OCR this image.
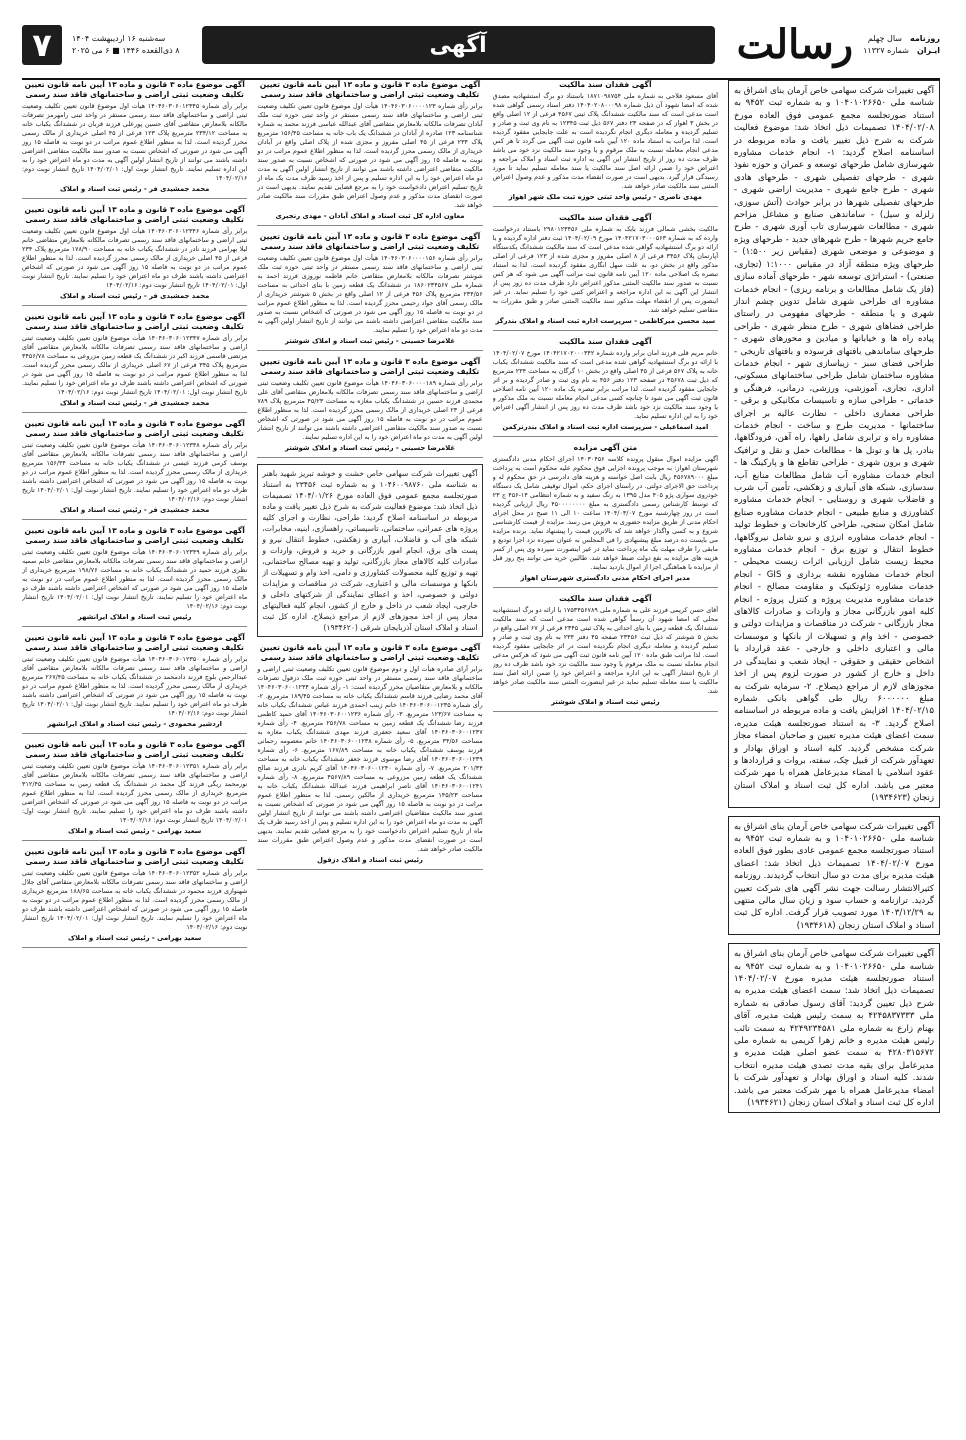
روزنامه
سال چهلم
ایـران
شماره ۱۱۳۲۷
رسالت
آگهی
سه‌شنبه ۱۶ اردیبهشت ۱۴۰۴
۸ ذی‌القعده ۱۴۴۶ ■ ۶ می ۲۰۲۵
۷
آگهی تغییرات شرکت سهامی خاص آرمان بنای اشراق به شناسه ملی ۱۰۴۰۱۰۲۶۶۵۰ و به شماره ثبت ۹۴۵۲ به استناد صورتجلسه مجمع عمومی فوق العاده مورخ ۱۴۰۴/۰۲/۰۸ تصمیمات ذیل اتخاذ شد: موضوع فعالیت شرکت به شرح ذیل تغییر یافت و ماده مربوطه در اساسنامه اصلاح گردید: ۱- انجام خدمات مشاوره شهرسازی شامل طرحهای توسعه و عمران و حوزه نفوذ شهری - طرحهای تفصیلی شهری - طرحهای هادی شهری - طرح جامع شهری - مدیریت اراضی شهری - طرحهای تفصیلی شهرها در برابر حوادث (آتش سوزی، زلزله و سیل) - ساماندهی صنایع و مشاغل مزاحم شهری - مطالعات شهرسازی تاب آوری شهری - طرح جامع حریم شهرها - طرح شهرهای جدید - طرحهای ویژه و موضوعی و موضعی شهری (مقیاس زیر ۱:۵۰۰) - طرحهای ویژه منطقه آزاد در مقیاس ۱:۱۰۰۰ (تجاری، صنعتی) - استراتژی توسعه شهر - طرحهای آماده سازی (فاز یک شامل مطالعات و برنامه ریزی) - انجام خدمات مشاوره ای طراحی شهری شامل تدوین چشم انداز شهری و یا منطقه - طرحهای مفهومی در راستای طراحی فضاهای شهری - طرح منظر شهری - طراحی پیاده راه ها و خیابانها و میادین و محورهای شهری - طرحهای ساماندهی بافتهای فرسوده و بافتهای تاریخی - طراحی فضای سبز - زیباسازی شهر - انجام خدمات مشاوره ساختمان شامل طراحی ساختمانهای مسکونی، اداری، تجاری، آموزشی، ورزشی، درمانی، فرهنگی و خدماتی - طراحی سازه و تاسیسات مکانیکی و برقی - طراحی معماری داخلی - نظارت عالیه بر اجرای ساختمانها - مدیریت طرح و ساخت - انجام خدمات مشاوره راه و ترابری شامل راهها، راه آهن، فرودگاهها، بنادر، پل ها و تونل ها - مطالعات حمل و نقل و ترافیک شهری و برون شهری - طراحی تقاطع ها و پارکینگ ها - انجام خدمات مشاوره آب شامل مطالعات منابع آب، سدسازی، شبکه های آبیاری و زهکشی، تأمین آب شرب و فاضلاب شهری و روستایی - انجام خدمات مشاوره کشاورزی و منابع طبیعی - انجام خدمات مشاوره صنایع شامل امکان سنجی، طراحی کارخانجات و خطوط تولید - انجام خدمات مشاوره انرژی و نیرو شامل نیروگاهها، خطوط انتقال و توزیع برق - انجام خدمات مشاوره محیط زیست شامل ارزیابی اثرات زیست محیطی - انجام خدمات مشاوره نقشه برداری و GIS - انجام خدمات مشاوره ژئوتکنیک و مقاومت مصالح - انجام خدمات مشاوره مدیریت پروژه و کنترل پروژه - انجام کلیه امور بازرگانی مجاز و واردات و صادرات کالاهای مجاز بازرگانی - شرکت در مناقصات و مزایدات دولتی و خصوصی - اخذ وام و تسهیلات از بانکها و موسسات مالی و اعتباری داخلی و خارجی - عقد قرارداد با اشخاص حقیقی و حقوقی - ایجاد شعب و نمایندگی در داخل و خارج از کشور در صورت لزوم پس از اخذ مجوزهای لازم از مراجع ذیصلاح. ۲- سرمایه شرکت به مبلغ ۶۰۰۰۰۰۰ ریال طی گواهی بانکی شماره ۱۴۰۴/۰۲/۱۵ افزایش یافت و ماده مربوطه در اساسنامه اصلاح گردید. ۳- به استناد صورتجلسه هیئت مدیره، سمت اعضای هیئت مدیره تعیین و صاحبان امضاء مجاز شرکت مشخص گردید. کلیه اسناد و اوراق بهادار و تعهدآور شرکت از قبیل چک، سفته، بروات و قراردادها و عقود اسلامی با امضاء مدیرعامل همراه با مهر شرکت معتبر می باشد. اداره کل ثبت اسناد و املاک استان زنجان (۱۹۳۴۶۲۳)
آگهی تغییرات شرکت سهامی خاص آرمان بنای اشراق به شناسه ملی ۱۰۴۰۱۰۲۶۶۵۰ و به شماره ثبت ۹۴۵۲ به استناد صورتجلسه مجمع عمومی عادی بطور فوق العاده مورخ ۱۴۰۴/۰۲/۰۷ تصمیمات ذیل اتخاذ شد: اعضای هیئت مدیره برای مدت دو سال انتخاب گردیدند. روزنامه کثیرالانتشار رسالت جهت نشر آگهی های شرکت تعیین گردید. ترازنامه و حساب سود و زیان سال مالی منتهی به ۱۴۰۳/۱۲/۲۹ مورد تصویب قرار گرفت. اداره کل ثبت اسناد و املاک استان زنجان (۱۹۳۴۶۱۸)
آگهی تغییرات شرکت سهامی خاص آرمان بنای اشراق به شناسه ملی ۱۰۴۰۱۰۲۶۶۵۰ و به شماره ثبت ۹۴۵۲ به استناد صورتجلسه هیئت مدیره مورخ ۱۴۰۴/۰۲/۰۷ تصمیمات ذیل اتخاذ شد: سمت اعضای هیئت مدیره به شرح ذیل تعیین گردید: آقای رسول صادقی به شماره ملی ۴۲۴۵۸۳۷۳۳۳ به سمت رئیس هیئت مدیره، آقای بهنام زارع به شماره ملی ۴۲۴۹۲۳۴۵۸۱ به سمت نائب رئیس هیئت مدیره و خانم زهرا کریمی به شماره ملی ۴۲۸۰۳۱۵۶۷۲ به سمت عضو اصلی هیئت مدیره و مدیرعامل برای بقیه مدت تصدی هیئت مدیره انتخاب شدند. کلیه اسناد و اوراق بهادار و تعهدآور شرکت با امضاء مدیرعامل همراه با مهر شرکت معتبر می باشد. اداره کل ثبت اسناد و املاک استان زنجان (۱۹۳۴۶۲۱)
آگهی فقدان سند مالکیت
آقای مسعود فلاحی به شماره ملی ۱۸۷۱۰۹۸۷۵۴ باستناد دو برگ استشهادیه مصدق شده که امضا شهود آن ذیل شماره ۱۴۰۴۰۲۰۸۰۰۰۹۸ دفتر اسناد رسمی گواهی شده است مدعی است که سند مالکیت ششدانگ پلاک ثبتی ۴۵۶۷ فرعی از ۱۲ اصلی واقع در بخش ۳ اهواز که در صفحه ۲۳ دفتر ۵۶۷ ذیل ثبت ۱۲۳۴۵ به نام وی ثبت و صادر و تسلیم گردیده و معامله دیگری انجام نگردیده است به علت جابجایی مفقود گردیده است. لذا مراتب به استناد ماده ۱۲۰ آیین نامه قانون ثبت آگهی می گردد تا هر کس مدعی انجام معامله نسبت به ملک مرقوم و یا وجود سند مالکیت نزد خود می باشد ظرف مدت ده روز از تاریخ انتشار این آگهی به اداره ثبت اسناد و املاک مراجعه و اعتراض خود را ضمن ارائه اصل سند مالکیت یا سند معامله تسلیم نماید تا مورد رسیدگی قرار گیرد. بدیهی است در صورت انقضاء مدت مذکور و عدم وصول اعتراض المثنی سند مالکیت صادر خواهد شد.
مهدی ناصری - رئیس واحد ثبتی حوزه ثبت ملک شهر اهواز
آگهی فقدان سند مالکیت
مالکیت بخشی شمالی فرزند بابک به شماره ملی ۲۹۸۰۱۲۳۴۵۶ باستناد درخواست وارده که به شماره ۱۴۰۴۲۱۷۰۳۰۰۰۵۶۳ مورخ ۱۴۰۴/۰۲/۰۹ ثبت دفتر اداره گردیده و با ارائه دو برگ استشهادیه گواهی شده مدعی است که سند مالکیت ششدانگ یکدستگاه آپارتمان پلاک ۳۴۵۶ فرعی از ۸ اصلی مفروز و مجزی شده از ۱۲۳ فرعی از اصلی مذکور واقع در بخش دو، به علت سهل انگاری مفقود گردیده است. لذا به استناد تبصره یک اصلاحی ماده ۱۲۰ آیین نامه قانون ثبت مراتب آگهی می شود که هر کس نسبت به صدور سند مالکیت المثنی مذکور اعتراض دارد ظرف مدت ده روز پس از انتشار این آگهی به این اداره مراجعه و اعتراض کتبی خود را تسلیم نماید. در غیر اینصورت پس از انقضاء مهلت مذکور سند مالکیت المثنی صادر و طبق مقررات به متقاضی تسلیم خواهد شد.
سید محسن میرکاظمی - سرپرست اداره ثبت اسناد و املاک بندرگز
آگهی فقدان سند مالکیت
خانم مریم قلی فرزند امان برابر وارده شماره ۱۴۰۴۲۱۷۰۲۰۰۰۳۴۲ مورخ ۱۴۰۴/۰۲/۰۷ با ارائه دو برگ استشهادیه گواهی شده مدعی است که سند مالکیت ششدانگ یکباب خانه به پلاک ۵۶۷ فرعی از ۴۵ اصلی واقع در بخش ۱۰ گرگان به مساحت ۲۳۴ مترمربع که ذیل ثبت ۴۵۶۷۸ در صفحه ۱۲۳ دفتر ۴۵۶ به نام وی ثبت و صادر گردیده و بر اثر جابجایی مفقود گردیده است. لذا مراتب برابر تبصره یک ماده ۱۲۰ آیین نامه اصلاحی قانون ثبت آگهی می شود تا چنانچه کسی مدعی انجام معامله نسبت به ملک مذکور و یا وجود سند مالکیت نزد خود باشد ظرف مدت ده روز پس از انتشار آگهی اعتراض خود را به این اداره تسلیم نماید.
امید اسماعیلی - سرپرست اداره ثبت اسناد و املاک بندرترکمن
متن آگهی مزایده
آگهی مزایده اموال منقول پرونده کلاسه ۱۴۰۳۰۴۵۶ اجرای احکام مدنی دادگستری شهرستان اهواز: به موجب پرونده اجرایی فوق محکوم علیه محکوم است به پرداخت مبلغ ۴۵۶۷۸۹۰۰۰ ریال بابت اصل خواسته و هزینه های دادرسی در حق محکوم له و پرداخت حق الاجرای دولتی. در راستای اجرای حکم، اموال توقیفی شامل یک دستگاه خودروی سواری پژو ۴۰۵ مدل ۱۳۹۵ به رنگ سفید و به شماره انتظامی ۱۴-۴۵۶ ج ۲۳ که توسط کارشناس رسمی دادگستری به مبلغ ۴۵۰۰۰۰۰۰۰۰ ریال ارزیابی گردیده است در روز چهارشنبه مورخ ۱۴۰۴/۰۳/۰۷ ساعت ۱۰ الی ۱۱ صبح در محل اجرای احکام مدنی از طریق مزایده حضوری به فروش می رسد. مزایده از قیمت کارشناسی شروع و به کسی واگذار خواهد شد که بالاترین قیمت را پیشنهاد نماید. برنده مزایده می بایست ده درصد مبلغ پیشنهادی را فی المجلس به عنوان سپرده نزد اجرا تودیع و مابقی را ظرف مهلت یک ماه پرداخت نماید در غیر اینصورت سپرده وی پس از کسر هزینه های مزایده به نفع دولت ضبط خواهد شد. طالبین خرید می توانند پنج روز قبل از مزایده با هماهنگی اجرا از اموال بازدید نمایند.
مدیر اجرای احکام مدنی دادگستری شهرستان اهواز
آگهی فقدان سند مالکیت
آقای حسن کریمی فرزند علی به شماره ملی ۱۷۵۳۴۵۶۷۸۹ با ارائه دو برگ استشهادیه محلی که امضا شهود آن رسماً گواهی شده است مدعی است که سند مالکیت ششدانگ یک قطعه زمین با بنای احداثی به پلاک ثبتی ۲۳۴۵ فرعی از ۶۷ اصلی واقع در بخش ۵ شوشتر که ذیل ثبت ۲۳۴۵۶ صفحه ۴۵ دفتر ۲۳۴ به نام وی ثبت و صادر و تسلیم گردیده و معامله دیگری انجام نگردیده است در اثر جابجایی مفقود گردیده است. لذا مراتب طبق ماده ۱۲۰ آیین نامه قانون ثبت آگهی می شود که هرکس مدعی انجام معامله نسبت به ملک مرقوم یا وجود سند مالکیت نزد خود باشد ظرف ده روز از تاریخ انتشار آگهی به این اداره مراجعه و اعتراض خود را ضمن ارائه اصل سند مالکیت یا سند معامله تسلیم نماید در غیر اینصورت المثنی سند مالکیت صادر خواهد شد.
رئیس ثبت اسناد و املاک شوشتر
آگهی موضوع ماده ۳ قانون و ماده ۱۳ آیین نامه قانون تعیین تکلیف وضعیت ثبتی اراضی و ساختمانهای فاقد سند رسمی
برابر رأی شماره ۱۴۰۴۶۰۳۰۶۰۰۰۰۱۲۳ هیأت اول موضوع قانون تعیین تکلیف وضعیت ثبتی اراضی و ساختمانهای فاقد سند رسمی مستقر در واحد ثبتی حوزه ثبت ملک آبادان تصرفات مالکانه بلامعارض متقاضی آقای عبدالله عباسی فرزند محمد به شماره شناسنامه ۱۲۳ صادره از آبادان در ششدانگ یک باب خانه به مساحت ۱۵۶/۴۵ مترمربع پلاک ۲۳۴ فرعی از ۴۵ اصلی مفروز و مجزی شده از پلاک اصلی واقع در آبادان خریداری از مالک رسمی محرز گردیده است. لذا به منظور اطلاع عموم مراتب در دو نوبت به فاصله ۱۵ روز آگهی می شود در صورتی که اشخاص نسبت به صدور سند مالکیت متقاضی اعتراضی داشته باشند می توانند از تاریخ انتشار اولین آگهی به مدت دو ماه اعتراض خود را به این اداره تسلیم و پس از اخذ رسید ظرف مدت یک ماه از تاریخ تسلیم اعتراض دادخواست خود را به مرجع قضایی تقدیم نمایند. بدیهی است در صورت انقضای مدت مذکور و عدم وصول اعتراض طبق مقررات سند مالکیت صادر خواهد شد.
معاون اداره کل ثبت اسناد و املاک آبادان - مهدی رنجبری
آگهی موضوع ماده ۳ قانون و ماده ۱۳ آیین نامه قانون تعیین تکلیف وضعیت ثبتی اراضی و ساختمانهای فاقد سند رسمی
برابر رأی شماره ۱۴۰۴۶۰۳۰۶۰۰۰۰۱۵۶ هیأت اول موضوع قانون تعیین تکلیف وضعیت ثبتی اراضی و ساختمانهای فاقد سند رسمی مستقر در واحد ثبتی حوزه ثبت ملک شوشتر تصرفات مالکانه بلامعارض متقاضی خانم فاطمه نوروزی فرزند احمد به شماره ملی ۱۸۶۰۲۳۴۵۶۷ در ششدانگ یک قطعه زمین با بنای احداثی به مساحت ۲۳۴/۵۶ مترمربع پلاک ۴۵۶ فرعی از ۱۲ اصلی واقع در بخش ۵ شوشتر خریداری از مالک رسمی آقای جواد رحیمی محرز گردیده است. لذا به منظور اطلاع عموم مراتب در دو نوبت به فاصله ۱۵ روز آگهی می شود در صورتی که اشخاص نسبت به صدور سند مالکیت متقاضی اعتراضی داشته باشند می توانند از تاریخ انتشار اولین آگهی به مدت دو ماه اعتراض خود را تسلیم نمایند.
غلامرضا حسینی - رئیس ثبت اسناد و املاک شوشتر
آگهی موضوع ماده ۳ قانون و ماده ۱۳ آیین نامه قانون تعیین تکلیف وضعیت ثبتی اراضی و ساختمانهای فاقد سند رسمی
برابر رأی شماره ۱۴۰۴۶۰۳۰۶۰۰۰۰۱۸۹ هیأت موضوع قانون تعیین تکلیف وضعیت ثبتی اراضی و ساختمانهای فاقد سند رسمی تصرفات مالکانه بلامعارض متقاضی آقای علی محمدی فرزند حسین در ششدانگ یکباب مغازه به مساحت ۴۵/۲۳ مترمربع پلاک ۷۸۹ فرعی از ۲۳ اصلی خریداری از مالک رسمی محرز گردیده است. لذا به منظور اطلاع عموم مراتب در دو نوبت به فاصله ۱۵ روز آگهی می شود در صورتی که اشخاص نسبت به صدور سند مالکیت متقاضی اعتراضی داشته باشند می توانند از تاریخ انتشار اولین آگهی به مدت دو ماه اعتراض خود را به این اداره تسلیم نمایند.
غلامرضا حسینی - رئیس ثبت اسناد و املاک شوشتر
آگهی تغییرات شرکت سهامی خاص خشت و خوشه تبریز شهید باهنر به شناسه ملی ۱۰۴۶۰۰۹۸۷۶۰ و به شماره ثبت ۲۳۴۵۶ به استناد صورتجلسه مجمع عمومی فوق العاده مورخ ۱۴۰۴/۰۱/۲۶ تصمیمات ذیل اتخاذ شد: موضوع فعالیت شرکت به شرح ذیل تغییر یافت و ماده مربوطه در اساسنامه اصلاح گردید: طراحی، نظارت و اجرای کلیه پروژه های عمرانی، ساختمانی، تاسیساتی، راهسازی، ابنیه، مخابرات، شبکه های آب و فاضلاب، آبیاری و زهکشی، خطوط انتقال نیرو و پست های برق، انجام امور بازرگانی و خرید و فروش، واردات و صادرات کلیه کالاهای مجاز بازرگانی، تولید و تهیه مصالح ساختمانی، تهیه و توزیع کلیه محصولات کشاورزی و دامی، اخذ وام و تسهیلات از بانکها و موسسات مالی و اعتباری، شرکت در مناقصات و مزایدات دولتی و خصوصی، اخذ و اعطای نمایندگی از شرکتهای داخلی و خارجی، ایجاد شعب در داخل و خارج از کشور، انجام کلیه فعالیتهای مجاز پس از اخذ مجوزهای لازم از مراجع ذیصلاح. اداره کل ثبت اسناد و املاک استان آذربایجان شرقی (۱۹۳۴۶۲۰)
آگهی موضوع ماده ۳ قانون و ماده ۱۳ آیین نامه قانون تعیین تکلیف وضعیت ثبتی اراضی و ساختمانهای فاقد سند رسمی
برابر آرای صادره هیأت اول و دوم موضوع قانون تعیین تکلیف وضعیت ثبتی اراضی و ساختمانهای فاقد سند رسمی مستقر در واحد ثبتی حوزه ثبت ملک دزفول تصرفات مالکانه و بلامعارض متقاضیان محرز گردیده است: ۱- رأی شماره ۱۴۰۴۶۰۳۰۶۰۰۱۲۳۴ آقای محمد رضایی فرزند قاسم ششدانگ یکباب خانه به مساحت ۱۸۹/۴۵ مترمربع. ۲- رأی شماره ۱۴۰۴۶۰۳۰۶۰۰۱۲۳۵ خانم زینب احمدی فرزند عباس ششدانگ یکباب خانه به مساحت ۱۲۳/۶۷ مترمربع. ۳- رأی شماره ۱۴۰۴۶۰۳۰۶۰۰۱۲۳۶ آقای حمید کاظمی فرزند رضا ششدانگ یک قطعه زمین به مساحت ۲۵۶/۷۸ مترمربع. ۴- رأی شماره ۱۴۰۴۶۰۳۰۶۰۰۱۲۳۷ آقای سعید جعفری فرزند مهدی ششدانگ یکباب مغازه به مساحت ۳۴/۵۶ مترمربع. ۵- رأی شماره ۱۴۰۴۶۰۳۰۶۰۰۱۲۳۸ خانم معصومه رحمانی فرزند یوسف ششدانگ یکباب خانه به مساحت ۱۶۷/۸۹ مترمربع. ۶- رأی شماره ۱۴۰۴۶۰۳۰۶۰۰۱۲۳۹ آقای رضا موسوی فرزند جعفر ششدانگ یکباب خانه به مساحت ۲۰۱/۳۴ مترمربع. ۷- رأی شماره ۱۴۰۴۶۰۳۰۶۰۰۱۲۴۰ آقای کریم نادری فرزند صالح ششدانگ یک قطعه زمین مزروعی به مساحت ۴۵۶۷/۸۹ مترمربع. ۸- رأی شماره ۱۴۰۴۶۰۳۰۶۰۰۱۲۴۱ آقای ناصر ابراهیمی فرزند عبدالله ششدانگ یکباب خانه به مساحت ۱۴۵/۲۳ مترمربع خریداری از مالکین رسمی. لذا به منظور اطلاع عموم مراتب در دو نوبت به فاصله ۱۵ روز آگهی می شود در صورتی که اشخاص نسبت به صدور سند مالکیت متقاضیان اعتراضی داشته باشند می توانند از تاریخ انتشار اولین آگهی به مدت دو ماه اعتراض خود را به این اداره تسلیم و پس از اخذ رسید ظرف یک ماه از تاریخ تسلیم اعتراض دادخواست خود را به مرجع قضایی تقدیم نمایند. بدیهی است در صورت انقضای مدت مذکور و عدم وصول اعتراض طبق مقررات سند مالکیت صادر خواهد شد.
رئیس ثبت اسناد و املاک دزفول
آگهی موضوع ماده ۳ قانون و ماده ۱۳ آیین نامه قانون تعیین تکلیف وضعیت ثبتی اراضی و ساختمانهای فاقد سند رسمی
برابر رأی شماره ۱۴۰۴۶۰۳۰۶۰۱۲۳۴۵ هیأت اول موضوع قانون تعیین تکلیف وضعیت ثبتی اراضی و ساختمانهای فاقد سند رسمی مستقر در واحد ثبتی رامهرمز تصرفات مالکانه بلامعارض متقاضی آقای حسین پورعلی فرزند قربان در ششدانگ یکباب خانه به مساحت ۲۳۴/۱۲ مترمربع پلاک ۱۲۳ فرعی از ۴۵ اصلی خریداری از مالک رسمی محرز گردیده است. لذا به منظور اطلاع عموم مراتب در دو نوبت به فاصله ۱۵ روز آگهی می شود در صورتی که اشخاص نسبت به صدور سند مالکیت متقاضی اعتراضی داشته باشند می توانند از تاریخ انتشار اولین آگهی به مدت دو ماه اعتراض خود را به این اداره تسلیم نمایند. تاریخ انتشار نوبت اول: ۱۴۰۴/۰۲/۰۱ تاریخ انتشار نوبت دوم: ۱۴۰۴/۰۲/۱۶
محمد جمشیدی فر - رئیس ثبت اسناد و املاک
آگهی موضوع ماده ۳ قانون و ماده ۱۳ آیین نامه قانون تعیین تکلیف وضعیت ثبتی اراضی و ساختمانهای فاقد سند رسمی
برابر رأی شماره ۱۴۰۴۶۰۳۰۶۰۱۲۳۴۶ هیأت اول موضوع قانون تعیین تکلیف وضعیت ثبتی اراضی و ساختمانهای فاقد سند رسمی تصرفات مالکانه بلامعارض متقاضی خانم لیلا بهرامی فرزند نادر در ششدانگ یکباب خانه به مساحت ۱۷۸/۹۰ مترمربع پلاک ۲۳۴ فرعی از ۴۵ اصلی خریداری از مالک رسمی محرز گردیده است. لذا به منظور اطلاع عموم مراتب در دو نوبت به فاصله ۱۵ روز آگهی می شود در صورتی که اشخاص اعتراضی داشته باشند ظرف دو ماه اعتراض خود را تسلیم نمایند. تاریخ انتشار نوبت اول: ۱۴۰۴/۰۲/۰۱ تاریخ انتشار نوبت دوم: ۱۴۰۴/۰۲/۱۶
محمد جمشیدی فر - رئیس ثبت اسناد و املاک
آگهی موضوع ماده ۳ قانون و ماده ۱۳ آیین نامه قانون تعیین تکلیف وضعیت ثبتی اراضی و ساختمانهای فاقد سند رسمی
برابر رأی شماره ۱۴۰۴۶۰۳۰۶۰۱۲۳۴۷ هیأت موضوع قانون تعیین تکلیف وضعیت ثبتی اراضی و ساختمانهای فاقد سند رسمی تصرفات مالکانه بلامعارض متقاضی آقای مرتضی قاسمی فرزند اکبر در ششدانگ یک قطعه زمین مزروعی به مساحت ۳۴۵۶/۷۸ مترمربع پلاک ۳۴۵ فرعی از ۶۷ اصلی خریداری از مالک رسمی محرز گردیده است. لذا به منظور اطلاع عموم مراتب در دو نوبت به فاصله ۱۵ روز آگهی می شود در صورتی که اشخاص اعتراضی داشته باشند ظرف دو ماه اعتراض خود را تسلیم نمایند. تاریخ انتشار نوبت اول: ۱۴۰۴/۰۲/۰۱ تاریخ انتشار نوبت دوم: ۱۴۰۴/۰۲/۱۶
محمد جمشیدی فر - رئیس ثبت اسناد و املاک
آگهی موضوع ماده ۳ قانون و ماده ۱۳ آیین نامه قانون تعیین تکلیف وضعیت ثبتی اراضی و ساختمانهای فاقد سند رسمی
برابر رأی شماره ۱۴۰۴۶۰۳۰۶۰۱۲۳۴۸ هیأت موضوع قانون تعیین تکلیف وضعیت ثبتی اراضی و ساختمانهای فاقد سند رسمی تصرفات مالکانه بلامعارض متقاضی آقای یوسف کرمی فرزند عیسی در ششدانگ یکباب خانه به مساحت ۱۵۶/۳۴ مترمربع خریداری از مالک رسمی محرز گردیده است. لذا به منظور اطلاع عموم مراتب در دو نوبت به فاصله ۱۵ روز آگهی می شود در صورتی که اشخاص اعتراضی داشته باشند ظرف دو ماه اعتراض خود را تسلیم نمایند. تاریخ انتشار نوبت اول: ۱۴۰۴/۰۲/۰۱ تاریخ انتشار نوبت دوم: ۱۴۰۴/۰۲/۱۶
محمد جمشیدی فر - رئیس ثبت اسناد و املاک
آگهی موضوع ماده ۳ قانون و ماده ۱۳ آیین نامه قانون تعیین تکلیف وضعیت ثبتی اراضی و ساختمانهای فاقد سند رسمی
برابر رأی شماره ۱۴۰۴۶۰۳۰۶۰۱۲۳۴۹ هیأت موضوع قانون تعیین تکلیف وضعیت ثبتی اراضی و ساختمانهای فاقد سند رسمی تصرفات مالکانه بلامعارض متقاضی خانم سمیه نظری فرزند حمید در ششدانگ یکباب خانه به مساحت ۱۹۸/۷۶ مترمربع خریداری از مالک رسمی محرز گردیده است. لذا به منظور اطلاع عموم مراتب در دو نوبت به فاصله ۱۵ روز آگهی می شود در صورتی که اشخاص اعتراضی داشته باشند ظرف دو ماه اعتراض خود را تسلیم نمایند. تاریخ انتشار نوبت اول: ۱۴۰۴/۰۲/۰۱ تاریخ انتشار نوبت دوم: ۱۴۰۴/۰۲/۱۶
رئیس ثبت اسناد و املاک ایرانشهر
آگهی موضوع ماده ۳ قانون و ماده ۱۳ آیین نامه قانون تعیین تکلیف وضعیت ثبتی اراضی و ساختمانهای فاقد سند رسمی
برابر رأی شماره ۱۴۰۴۶۰۳۰۶۰۱۲۳۵۰ هیأت موضوع قانون تعیین تکلیف وضعیت ثبتی اراضی و ساختمانهای فاقد سند رسمی تصرفات مالکانه بلامعارض متقاضی آقای عبدالرحمن بلوچ فرزند دادمحمد در ششدانگ یکباب خانه به مساحت ۲۶۷/۴۵ مترمربع خریداری از مالک رسمی محرز گردیده است. لذا به منظور اطلاع عموم مراتب در دو نوبت به فاصله ۱۵ روز آگهی می شود در صورتی که اشخاص اعتراضی داشته باشند ظرف دو ماه اعتراض خود را تسلیم نمایند. تاریخ انتشار نوبت اول: ۱۴۰۴/۰۲/۰۱ تاریخ انتشار نوبت دوم: ۱۴۰۴/۰۲/۱۶
اردشیر محمودی - رئیس ثبت اسناد و املاک ایرانشهر
آگهی موضوع ماده ۳ قانون و ماده ۱۳ آیین نامه قانون تعیین تکلیف وضعیت ثبتی اراضی و ساختمانهای فاقد سند رسمی
برابر رأی شماره ۱۴۰۴۶۰۳۰۶۰۱۲۳۵۱ هیأت موضوع قانون تعیین تکلیف وضعیت ثبتی اراضی و ساختمانهای فاقد سند رسمی تصرفات مالکانه بلامعارض متقاضی آقای نورمحمد ریگی فرزند گل محمد در ششدانگ یک قطعه زمین به مساحت ۳۱۲/۴۵ مترمربع خریداری از مالک رسمی محرز گردیده است. لذا به منظور اطلاع عموم مراتب در دو نوبت به فاصله ۱۵ روز آگهی می شود در صورتی که اشخاص اعتراضی داشته باشند ظرف دو ماه اعتراض خود را تسلیم نمایند. تاریخ انتشار نوبت اول: ۱۴۰۴/۰۲/۰۱ تاریخ انتشار نوبت دوم: ۱۴۰۴/۰۲/۱۶
سعید بهرامی - رئیس ثبت اسناد و املاک
آگهی موضوع ماده ۳ قانون و ماده ۱۳ آیین نامه قانون تعیین تکلیف وضعیت ثبتی اراضی و ساختمانهای فاقد سند رسمی
برابر رأی شماره ۱۴۰۴۶۰۳۰۶۰۱۲۳۵۲ هیأت موضوع قانون تعیین تکلیف وضعیت ثبتی اراضی و ساختمانهای فاقد سند رسمی تصرفات مالکانه بلامعارض متقاضی آقای جلال شهنوازی فرزند محمود در ششدانگ یکباب خانه به مساحت ۱۸۸/۶۵ مترمربع خریداری از مالک رسمی محرز گردیده است. لذا به منظور اطلاع عموم مراتب در دو نوبت به فاصله ۱۵ روز آگهی می شود در صورتی که اشخاص اعتراضی داشته باشند ظرف دو ماه اعتراض خود را تسلیم نمایند. تاریخ انتشار نوبت اول: ۱۴۰۴/۰۲/۰۱ تاریخ انتشار نوبت دوم: ۱۴۰۴/۰۲/۱۶
سعید بهرامی - رئیس ثبت اسناد و املاک
